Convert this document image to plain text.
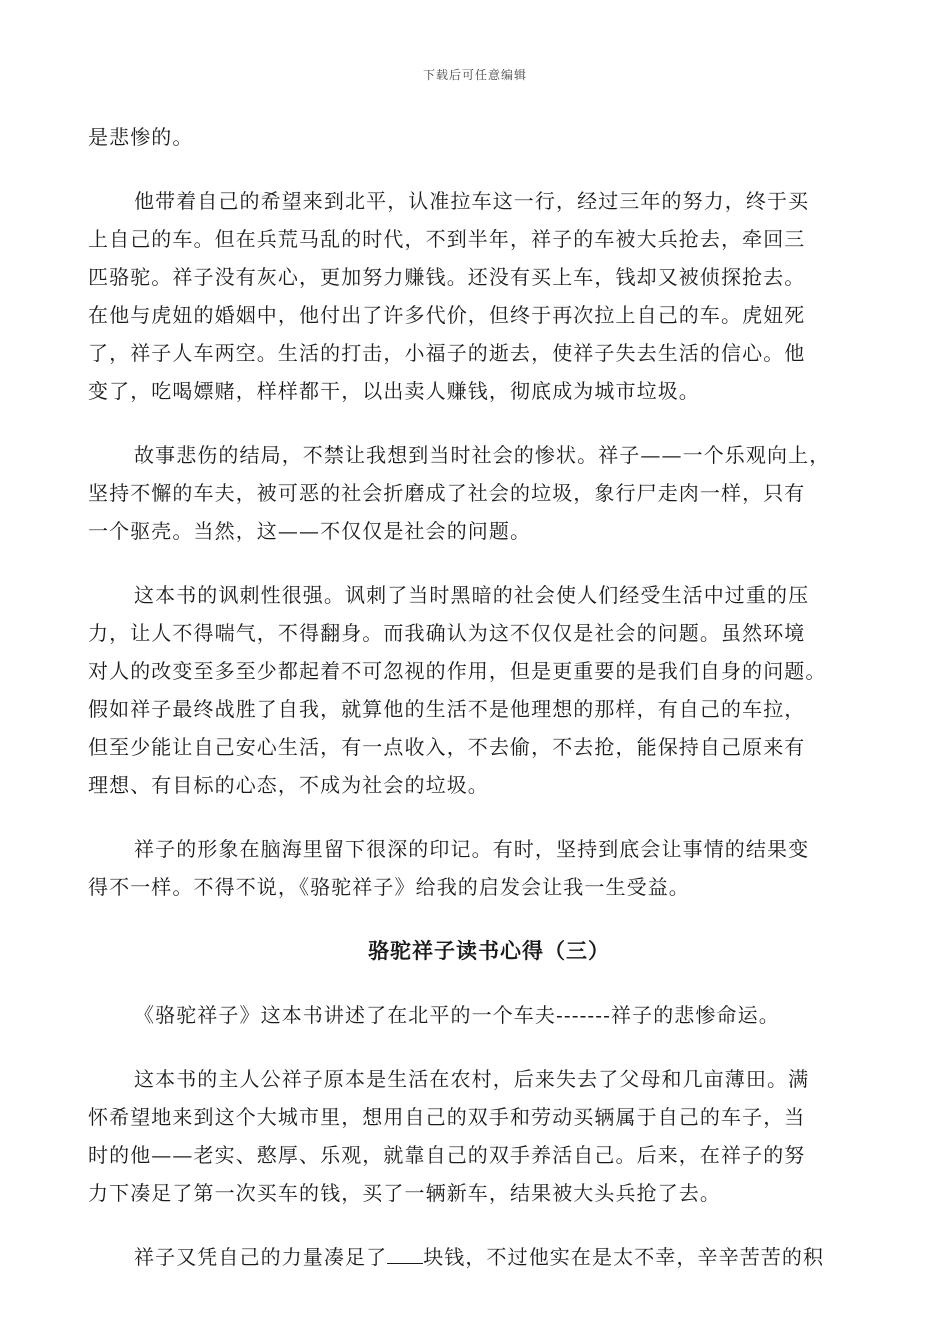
下载后可任意编辑
是悲惨的。
他带着自己的希望来到北平，认准拉车这一行，经过三年的努力，终于买
上自己的车。但在兵荒马乱的时代，不到半年，祥子的车被大兵抢去，牵回三
匹骆驼。祥子没有灰心，更加努力赚钱。还没有买上车，钱却又被侦探抢去。
在他与虎妞的婚姻中，他付出了许多代价，但终于再次拉上自己的车。虎妞死
了，祥子人车两空。生活的打击，小福子的逝去，使祥子失去生活的信心。他
变了，吃喝嫖赌，样样都干，以出卖人赚钱，彻底成为城市垃圾。
故事悲伤的结局，不禁让我想到当时社会的惨状。祥子——一个乐观向上，
坚持不懈的车夫，被可恶的社会折磨成了社会的垃圾，象行尸走肉一样，只有
一个驱壳。当然，这——不仅仅是社会的问题。
这本书的讽刺性很强。讽刺了当时黑暗的社会使人们经受生活中过重的压
力，让人不得喘气，不得翻身。而我确认为这不仅仅是社会的问题。虽然环境
对人的改变至多至少都起着不可忽视的作用，但是更重要的是我们自身的问题。
假如祥子最终战胜了自我，就算他的生活不是他理想的那样，有自己的车拉，
但至少能让自己安心生活，有一点收入，不去偷，不去抢，能保持自己原来有
理想、有目标的心态，不成为社会的垃圾。
祥子的形象在脑海里留下很深的印记。有时，坚持到底会让事情的结果变
得不一样。不得不说，《骆驼祥子》给我的启发会让我一生受益。
骆驼祥子读书心得（三）
《骆驼祥子》这本书讲述了在北平的一个车夫-------祥子的悲惨命运。
这本书的主人公祥子原本是生活在农村，后来失去了父母和几亩薄田。满
怀希望地来到这个大城市里，想用自己的双手和劳动买辆属于自己的车子，当
时的他——老实、憨厚、乐观，就靠自己的双手养活自己。后来，在祥子的努
力下凑足了第一次买车的钱，买了一辆新车，结果被大头兵抢了去。
祥子又凭自己的力量凑足了 块钱，不过他实在是太不幸，辛辛苦苦的积
